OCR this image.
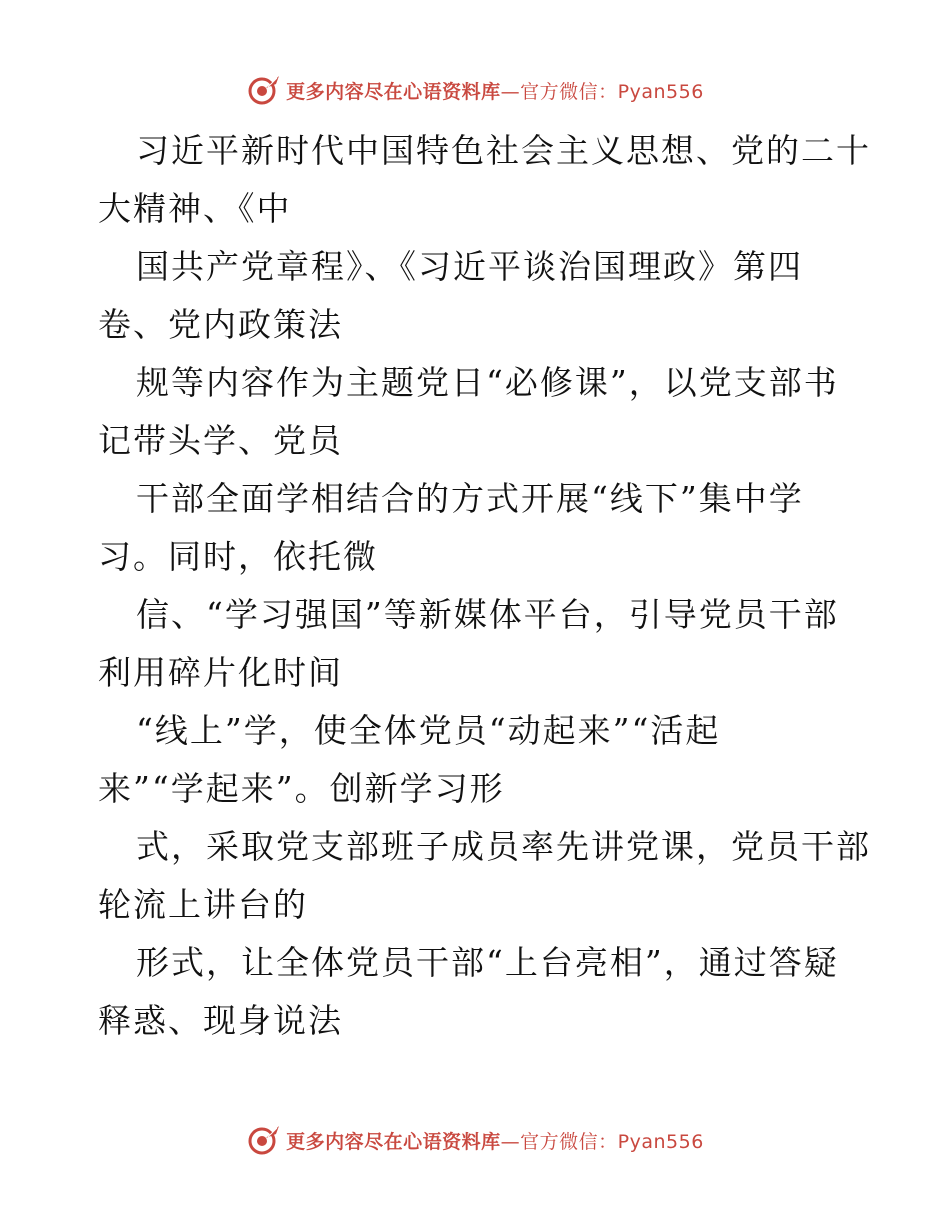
更多内容尽在心语资料库—官方微信：Pyan556
习近平新时代中国特色社会主义思想、党的二十
大精神、《中
国共产党章程》、《习近平谈治国理政》第四
卷、党内政策法
规等内容作为主题党日“必修课”，以党支部书
记带头学、党员
干部全面学相结合的方式开展“线下”集中学
习。同时，依托微
信、“学习强国”等新媒体平台，引导党员干部
利用碎片化时间
“线上”学，使全体党员“动起来”“活起
来”“学起来”。创新学习形
式，采取党支部班子成员率先讲党课，党员干部
轮流上讲台的
形式，让全体党员干部“上台亮相”，通过答疑
释惑、现身说法
更多内容尽在心语资料库—官方微信：Pyan556
